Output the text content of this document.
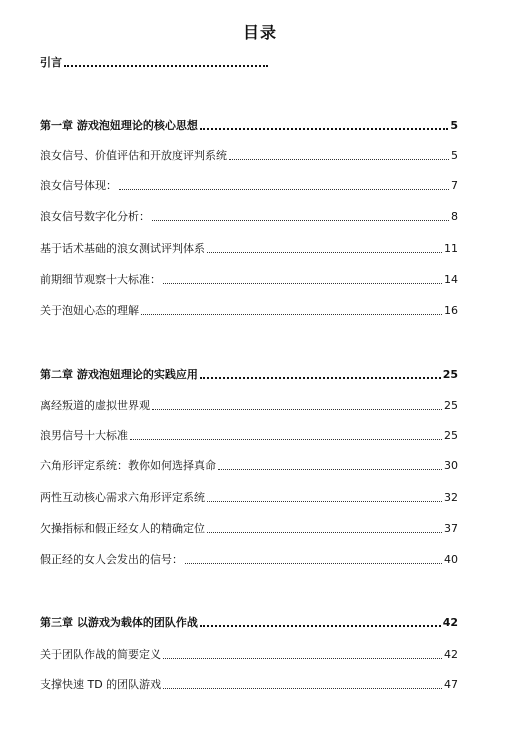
目录
引言
第一章 游戏泡妞理论的核心思想	5
浪女信号、价值评估和开放度评判系统	5
浪女信号体现：	7
浪女信号数字化分析：	8
基于话术基础的浪女测试评判体系	11
前期细节观察十大标准：	14
关于泡妞心态的理解	16
第二章 游戏泡妞理论的实践应用	25
离经叛道的虚拟世界观	25
浪男信号十大标准	25
六角形评定系统：教你如何选择真命	30
两性互动核心需求六角形评定系统	32
欠操指标和假正经女人的精确定位	37
假正经的女人会发出的信号：	40
第三章 以游戏为载体的团队作战	42
关于团队作战的简要定义	42
支撑快速 TD 的团队游戏	47
